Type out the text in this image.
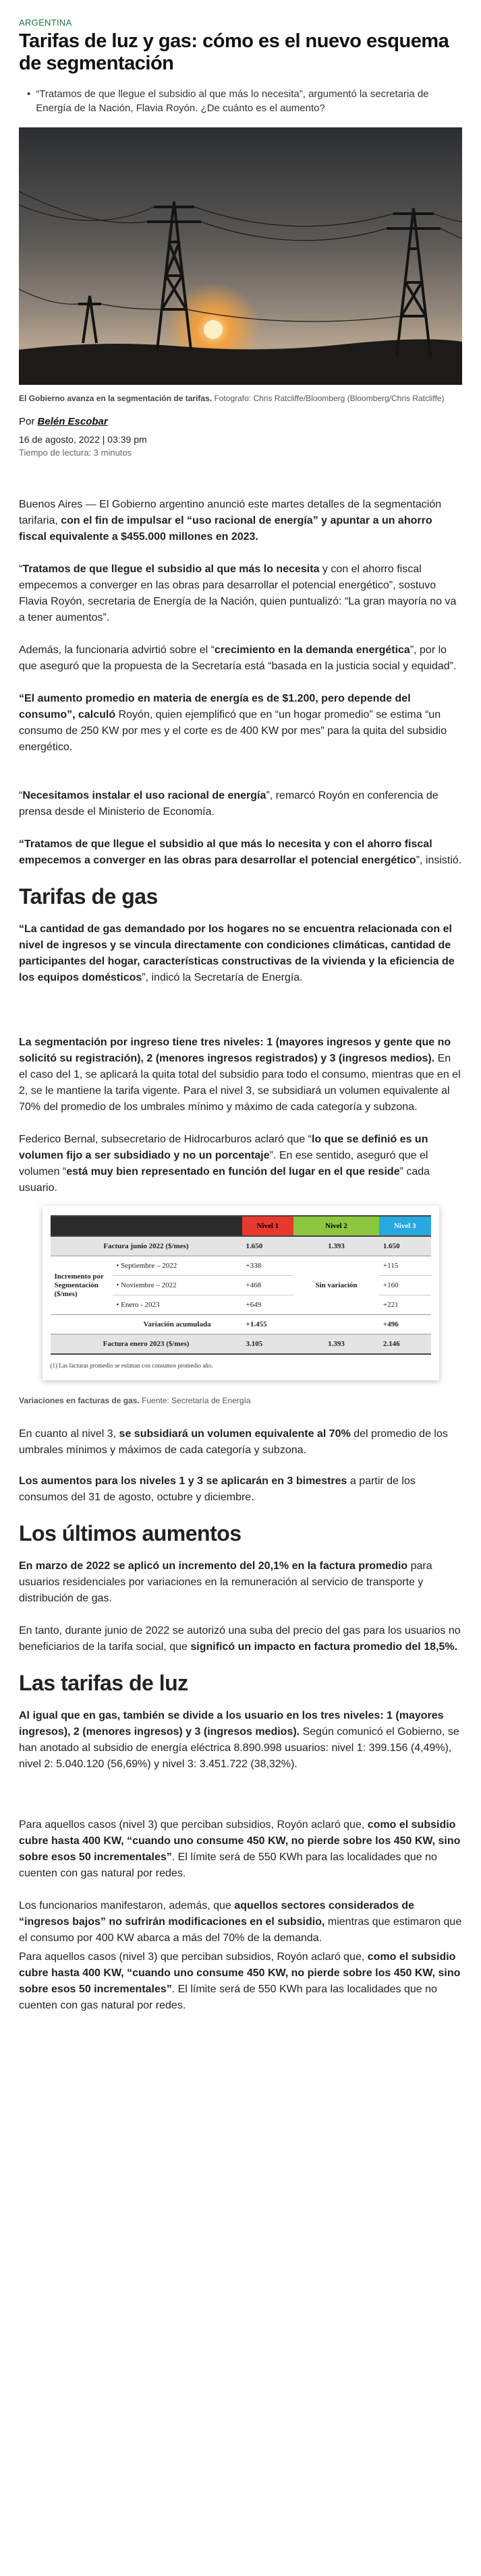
ARGENTINA
Tarifas de luz y gas: cómo es el nuevo esquema de segmentación
• “Tratamos de que llegue el subsidio al que más lo necesita”, argumentó la secretaria de Energía de la Nación, Flavia Royón. ¿De cuánto es el aumento?
El Gobierno avanza en la segmentación de tarifas. Fotografo: Chris Ratcliffe/Bloomberg (Bloomberg/Chris Ratcliffe)
Por Belén Escobar
16 de agosto, 2022 | 03:39 pm
Tiempo de lectura: 3 minutos

Buenos Aires — El Gobierno argentino anunció este martes detalles de la segmentación tarifaria, con el fin de impulsar el “uso racional de energía” y apuntar a un ahorro fiscal equivalente a $455.000 millones en 2023.

“Tratamos de que llegue el subsidio al que más lo necesita y con el ahorro fiscal empecemos a converger en las obras para desarrollar el potencial energético”, sostuvo Flavia Royón, secretaria de Energía de la Nación, quien puntualizó: “La gran mayoría no va a tener aumentos”.

Además, la funcionaria advirtió sobre el “crecimiento en la demanda energética”, por lo que aseguró que la propuesta de la Secretaría está “basada en la justicia social y equidad”.

“El aumento promedio en materia de energía es de $1.200, pero depende del consumo”, calculó Royón, quien ejemplificó que en “un hogar promedio” se estima “un consumo de 250 KW por mes y el corte es de 400 KW por mes” para la quita del subsidio energético.

“Necesitamos instalar el uso racional de energía”, remarcó Royón en conferencia de prensa desde el Ministerio de Economía.

“Tratamos de que llegue el subsidio al que más lo necesita y con el ahorro fiscal empecemos a converger en las obras para desarrollar el potencial energético”, insistió.

Tarifas de gas

“La cantidad de gas demandado por los hogares no se encuentra relacionada con el nivel de ingresos y se vincula directamente con condiciones climáticas, cantidad de participantes del hogar, características constructivas de la vivienda y la eficiencia de los equipos domésticos”, indicó la Secretaría de Energía.

La segmentación por ingreso tiene tres niveles: 1 (mayores ingresos y gente que no solicitó su registración), 2 (menores ingresos registrados) y 3 (ingresos medios). En el caso del 1, se aplicará la quita total del subsidio para todo el consumo, mientras que en el 2, se le mantiene la tarifa vigente. Para el nivel 3, se subsidiará un volumen equivalente al 70% del promedio de los umbrales mínimo y máximo de cada categoría y subzona.

Federico Bernal, subsecretario de Hidrocarburos aclaró que “lo que se definió es un volumen fijo a ser subsidiado y no un porcentaje”. En ese sentido, aseguró que el volumen “está muy bien representado en función del lugar en el que reside” cada usuario.

		Nivel 1	Nivel 2	Nivel 3
Factura junio 2022 ($/mes)		1.650	1.393	1.650
Incremento por Segmentación ($/mes)	• Septiembre – 2022	+338	Sin variación	+115
	• Noviembre – 2022	+468		+160
	• Enero - 2023	+649		+221
	Variación acumulada	+1.455		+496
Factura enero 2023 ($/mes)		3.105	1.393	2.146
(1) Las facturas promedio se estiman con consumos promedio año.
Variaciones en facturas de gas. Fuente: Secretaría de Energía

En cuanto al nivel 3, se subsidiará un volumen equivalente al 70% del promedio de los umbrales mínimos y máximos de cada categoría y subzona.

Los aumentos para los niveles 1 y 3 se aplicarán en 3 bimestres a partir de los consumos del 31 de agosto, octubre y diciembre.

Los últimos aumentos

En marzo de 2022 se aplicó un incremento del 20,1% en la factura promedio para usuarios residenciales por variaciones en la remuneración al servicio de transporte y distribución de gas.

En tanto, durante junio de 2022 se autorizó una suba del precio del gas para los usuarios no beneficiarios de la tarifa social, que significó un impacto en factura promedio del 18,5%.

Las tarifas de luz

Al igual que en gas, también se divide a los usuario en los tres niveles: 1 (mayores ingresos), 2 (menores ingresos) y 3 (ingresos medios). Según comunicó el Gobierno, se han anotado al subsidio de energía eléctrica 8.890.998 usuarios: nivel 1: 399.156 (4,49%), nivel 2: 5.040.120 (56,69%) y nivel 3: 3.451.722 (38,32%).

Para aquellos casos (nivel 3) que perciban subsidios, Royón aclaró que, como el subsidio cubre hasta 400 KW, “cuando uno consume 450 KW, no pierde sobre los 450 KW, sino sobre esos 50 incrementales”. El límite será de 550 KWh para las localidades que no cuenten con gas natural por redes.

Los funcionarios manifestaron, además, que aquellos sectores considerados de “ingresos bajos” no sufrirán modificaciones en el subsidio, mientras que estimaron que el consumo por 400 KW abarca a más del 70% de la demanda.

Para aquellos casos (nivel 3) que perciban subsidios, Royón aclaró que, como el subsidio cubre hasta 400 KW, “cuando uno consume 450 KW, no pierde sobre los 450 KW, sino sobre esos 50 incrementales”. El límite será de 550 KWh para las localidades que no cuenten con gas natural por redes.
